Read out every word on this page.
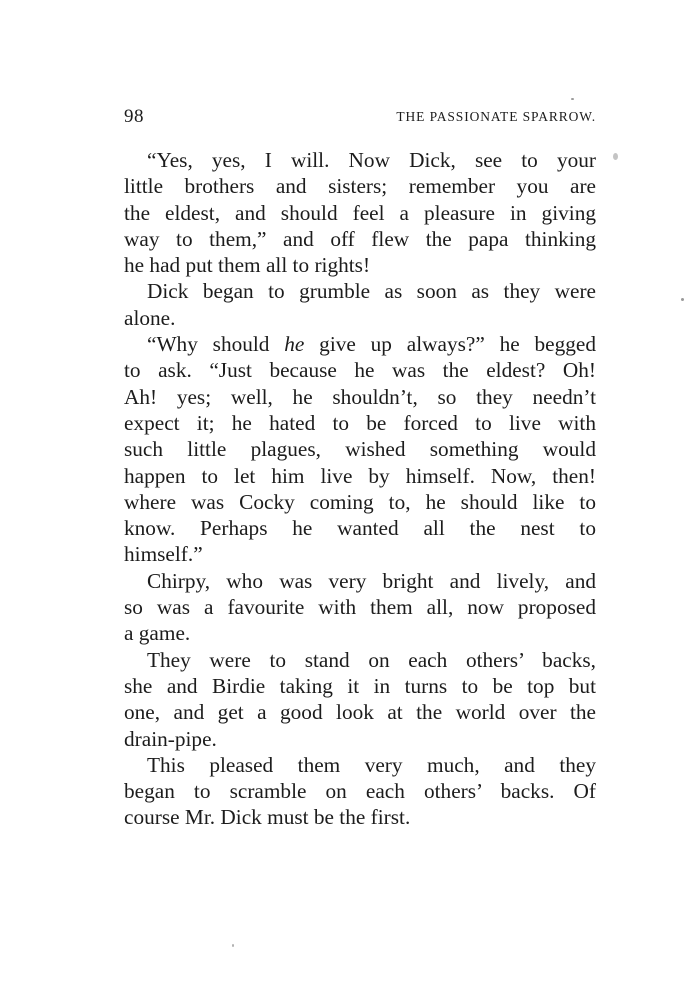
98	THE PASSIONATE SPARROW.
“Yes, yes, I will. Now Dick, see to your
little brothers and sisters; remember you are
the eldest, and should feel a pleasure in giving
way to them,” and off flew the papa thinking
he had put them all to rights!
Dick began to grumble as soon as they were
alone.
“Why should he give up always?” he begged
to ask. “Just because he was the eldest? Oh!
Ah! yes; well, he shouldn’t, so they needn’t
expect it; he hated to be forced to live with
such little plagues, wished something would
happen to let him live by himself. Now, then!
where was Cocky coming to, he should like to
know. Perhaps he wanted all the nest to
himself.”
Chirpy, who was very bright and lively, and
so was a favourite with them all, now proposed
a game.
They were to stand on each others’ backs,
she and Birdie taking it in turns to be top but
one, and get a good look at the world over the
drain-pipe.
This pleased them very much, and they
began to scramble on each others’ backs. Of
course Mr. Dick must be the first.
